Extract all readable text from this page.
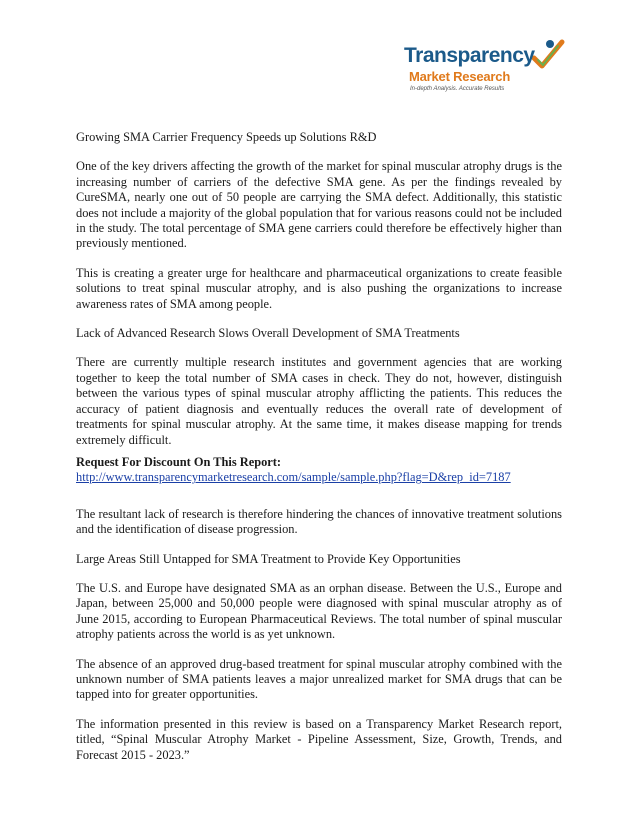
Transparency
Market Research
In-depth Analysis. Accurate Results

Growing SMA Carrier Frequency Speeds up Solutions R&D

One of the key drivers affecting the growth of the market for spinal muscular atrophy drugs is the increasing number of carriers of the defective SMA gene. As per the findings revealed by CureSMA, nearly one out of 50 people are carrying the SMA defect. Additionally, this statistic does not include a majority of the global population that for various reasons could not be included in the study. The total percentage of SMA gene carriers could therefore be effectively higher than previously mentioned.

This is creating a greater urge for healthcare and pharmaceutical organizations to create feasible solutions to treat spinal muscular atrophy, and is also pushing the organizations to increase awareness rates of SMA among people.

Lack of Advanced Research Slows Overall Development of SMA Treatments

There are currently multiple research institutes and government agencies that are working together to keep the total number of SMA cases in check. They do not, however, distinguish between the various types of spinal muscular atrophy afflicting the patients. This reduces the accuracy of patient diagnosis and eventually reduces the overall rate of development of treatments for spinal muscular atrophy. At the same time, it makes disease mapping for trends extremely difficult.

Request For Discount On This Report:
http://www.transparencymarketresearch.com/sample/sample.php?flag=D&rep_id=7187

The resultant lack of research is therefore hindering the chances of innovative treatment solutions and the identification of disease progression.

Large Areas Still Untapped for SMA Treatment to Provide Key Opportunities

The U.S. and Europe have designated SMA as an orphan disease. Between the U.S., Europe and Japan, between 25,000 and 50,000 people were diagnosed with spinal muscular atrophy as of June 2015, according to European Pharmaceutical Reviews. The total number of spinal muscular atrophy patients across the world is as yet unknown.

The absence of an approved drug-based treatment for spinal muscular atrophy combined with the unknown number of SMA patients leaves a major unrealized market for SMA drugs that can be tapped into for greater opportunities.

The information presented in this review is based on a Transparency Market Research report, titled, “Spinal Muscular Atrophy Market - Pipeline Assessment, Size, Growth, Trends, and Forecast 2015 - 2023.”
